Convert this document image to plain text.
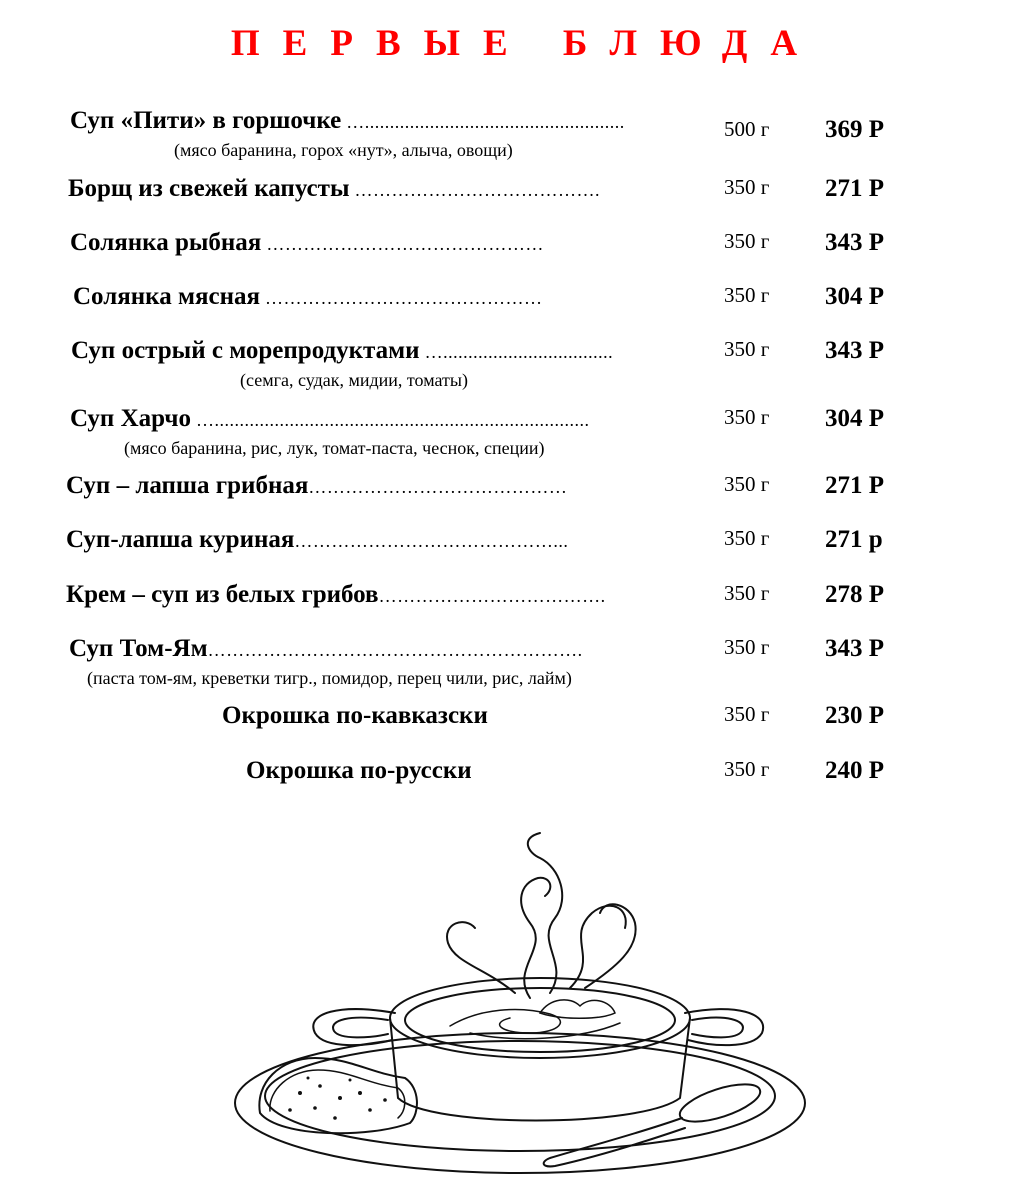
ПЕРВЫЕ БЛЮДА
Суп «Пити» в горшочке …....................................................
(мясо баранина, горох «нут», алыча, овощи)
500 г 369 Р
Борщ из свежей капусты ………………………………….	350 г 271 Р
Солянка рыбная ………………………………………	350 г 343 Р
Солянка мясная ………………………………………	350 г 304 Р
Суп острый с морепродуктами …..................................
(семга, судак, мидии, томаты)
350 г 343 Р
Суп Харчо …...........................................................................
(мясо баранина, рис, лук, томат-паста, чеснок, специи)
350 г 304 Р
Суп – лапша грибная……………………………………	350 г 271 Р
Суп-лапша куриная……………………………………...	350 г 271 р
Крем – суп из белых грибов……………………………….	350 г 278 Р
Суп Том-Ям…………………………………………………….
(паста том-ям, креветки тигр., помидор, перец чили, рис, лайм)
350 г 343 Р
Окрошка по-кавказски	350 г 230 Р
Окрошка по-русски	350 г 240 Р
